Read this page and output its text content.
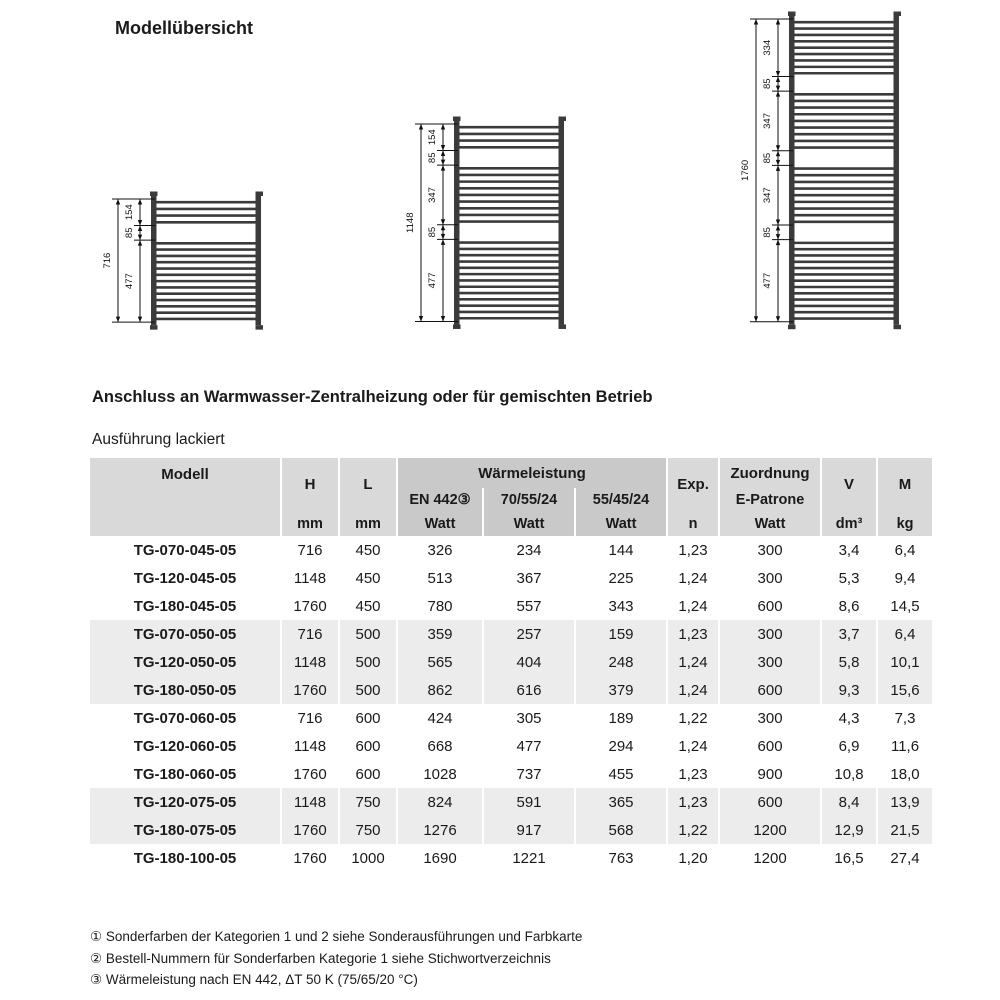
Modellübersicht
154
85
477
716
154
85
347
85
477
1148
334
85
347
85
347
85
477
1760
Anschluss an Warmwasser-Zentralheizung oder für gemischten Betrieb
Ausführung lackiert
Modell	H	L	Wärmeleistung			Exp.	Zuordnung	V	M
			EN 442③	70/55/24	55/45/24		E-Patrone		
	mm	mm	Watt	Watt	Watt	n	Watt	dm³	kg
TG-070-045-05	716	450	326	234	144	1,23	300	3,4	6,4
TG-120-045-05	1148	450	513	367	225	1,24	300	5,3	9,4
TG-180-045-05	1760	450	780	557	343	1,24	600	8,6	14,5
TG-070-050-05	716	500	359	257	159	1,23	300	3,7	6,4
TG-120-050-05	1148	500	565	404	248	1,24	300	5,8	10,1
TG-180-050-05	1760	500	862	616	379	1,24	600	9,3	15,6
TG-070-060-05	716	600	424	305	189	1,22	300	4,3	7,3
TG-120-060-05	1148	600	668	477	294	1,24	600	6,9	11,6
TG-180-060-05	1760	600	1028	737	455	1,23	900	10,8	18,0
TG-120-075-05	1148	750	824	591	365	1,23	600	8,4	13,9
TG-180-075-05	1760	750	1276	917	568	1,22	1200	12,9	21,5
TG-180-100-05	1760	1000	1690	1221	763	1,20	1200	16,5	27,4
① Sonderfarben der Kategorien 1 und 2 siehe Sonderausführungen und Farbkarte
② Bestell-Nummern für Sonderfarben Kategorie 1 siehe Stichwortverzeichnis
③ Wärmeleistung nach EN 442, ΔT 50 K (75/65/20 °C)
